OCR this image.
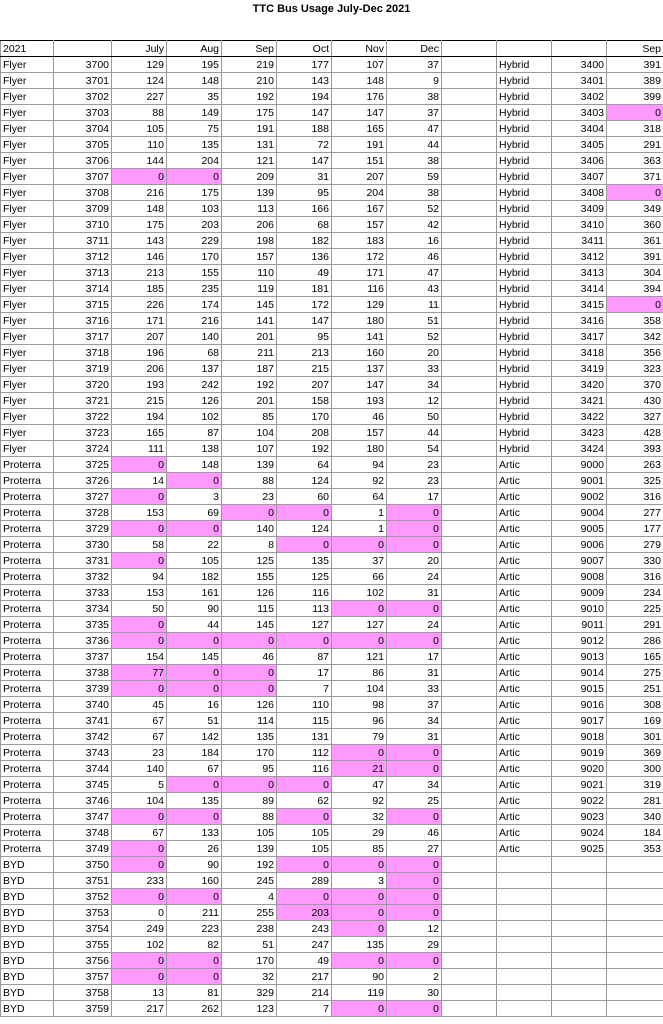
TTC Bus Usage July-Dec 2021
2021		July	Aug	Sep	Oct	Nov	Dec				Sep
Flyer	3700	129	195	219	177	107	37		Hybrid	3400	391
Flyer	3701	124	148	210	143	148	9		Hybrid	3401	389
Flyer	3702	227	35	192	194	176	38		Hybrid	3402	399
Flyer	3703	88	149	175	147	147	37		Hybrid	3403	0
Flyer	3704	105	75	191	188	165	47		Hybrid	3404	318
Flyer	3705	110	135	131	72	191	44		Hybrid	3405	291
Flyer	3706	144	204	121	147	151	38		Hybrid	3406	363
Flyer	3707	0	0	209	31	207	59		Hybrid	3407	371
Flyer	3708	216	175	139	95	204	38		Hybrid	3408	0
Flyer	3709	148	103	113	166	167	52		Hybrid	3409	349
Flyer	3710	175	203	206	68	157	42		Hybrid	3410	360
Flyer	3711	143	229	198	182	183	16		Hybrid	3411	361
Flyer	3712	146	170	157	136	172	46		Hybrid	3412	391
Flyer	3713	213	155	110	49	171	47		Hybrid	3413	304
Flyer	3714	185	235	119	181	116	43		Hybrid	3414	394
Flyer	3715	226	174	145	172	129	11		Hybrid	3415	0
Flyer	3716	171	216	141	147	180	51		Hybrid	3416	358
Flyer	3717	207	140	201	95	141	52		Hybrid	3417	342
Flyer	3718	196	68	211	213	160	20		Hybrid	3418	356
Flyer	3719	206	137	187	215	137	33		Hybrid	3419	323
Flyer	3720	193	242	192	207	147	34		Hybrid	3420	370
Flyer	3721	215	126	201	158	193	12		Hybrid	3421	430
Flyer	3722	194	102	85	170	46	50		Hybrid	3422	327
Flyer	3723	165	87	104	208	157	44		Hybrid	3423	428
Flyer	3724	111	138	107	192	180	54		Hybrid	3424	393
Proterra	3725	0	148	139	64	94	23		Artic	9000	263
Proterra	3726	14	0	88	124	92	23		Artic	9001	325
Proterra	3727	0	3	23	60	64	17		Artic	9002	316
Proterra	3728	153	69	0	0	1	0		Artic	9004	277
Proterra	3729	0	0	140	124	1	0		Artic	9005	177
Proterra	3730	58	22	8	0	0	0		Artic	9006	279
Proterra	3731	0	105	125	135	37	20		Artic	9007	330
Proterra	3732	94	182	155	125	66	24		Artic	9008	316
Proterra	3733	153	161	126	116	102	31		Artic	9009	234
Proterra	3734	50	90	115	113	0	0		Artic	9010	225
Proterra	3735	0	44	145	127	127	24		Artic	9011	291
Proterra	3736	0	0	0	0	0	0		Artic	9012	286
Proterra	3737	154	145	46	87	121	17		Artic	9013	165
Proterra	3738	77	0	0	17	86	31		Artic	9014	275
Proterra	3739	0	0	0	7	104	33		Artic	9015	251
Proterra	3740	45	16	126	110	98	37		Artic	9016	308
Proterra	3741	67	51	114	115	96	34		Artic	9017	169
Proterra	3742	67	142	135	131	79	31		Artic	9018	301
Proterra	3743	23	184	170	112	0	0		Artic	9019	369
Proterra	3744	140	67	95	116	21	0		Artic	9020	300
Proterra	3745	5	0	0	0	47	34		Artic	9021	319
Proterra	3746	104	135	89	62	92	25		Artic	9022	281
Proterra	3747	0	0	88	0	32	0		Artic	9023	340
Proterra	3748	67	133	105	105	29	46		Artic	9024	184
Proterra	3749	0	26	139	105	85	27		Artic	9025	353
BYD	3750	0	90	192	0	0	0				
BYD	3751	233	160	245	289	3	0				
BYD	3752	0	0	4	0	0	0				
BYD	3753	0	211	255	203	0	0				
BYD	3754	249	223	238	243	0	12				
BYD	3755	102	82	51	247	135	29				
BYD	3756	0	0	170	49	0	0				
BYD	3757	0	0	32	217	90	2				
BYD	3758	13	81	329	214	119	30				
BYD	3759	217	262	123	7	0	0				
